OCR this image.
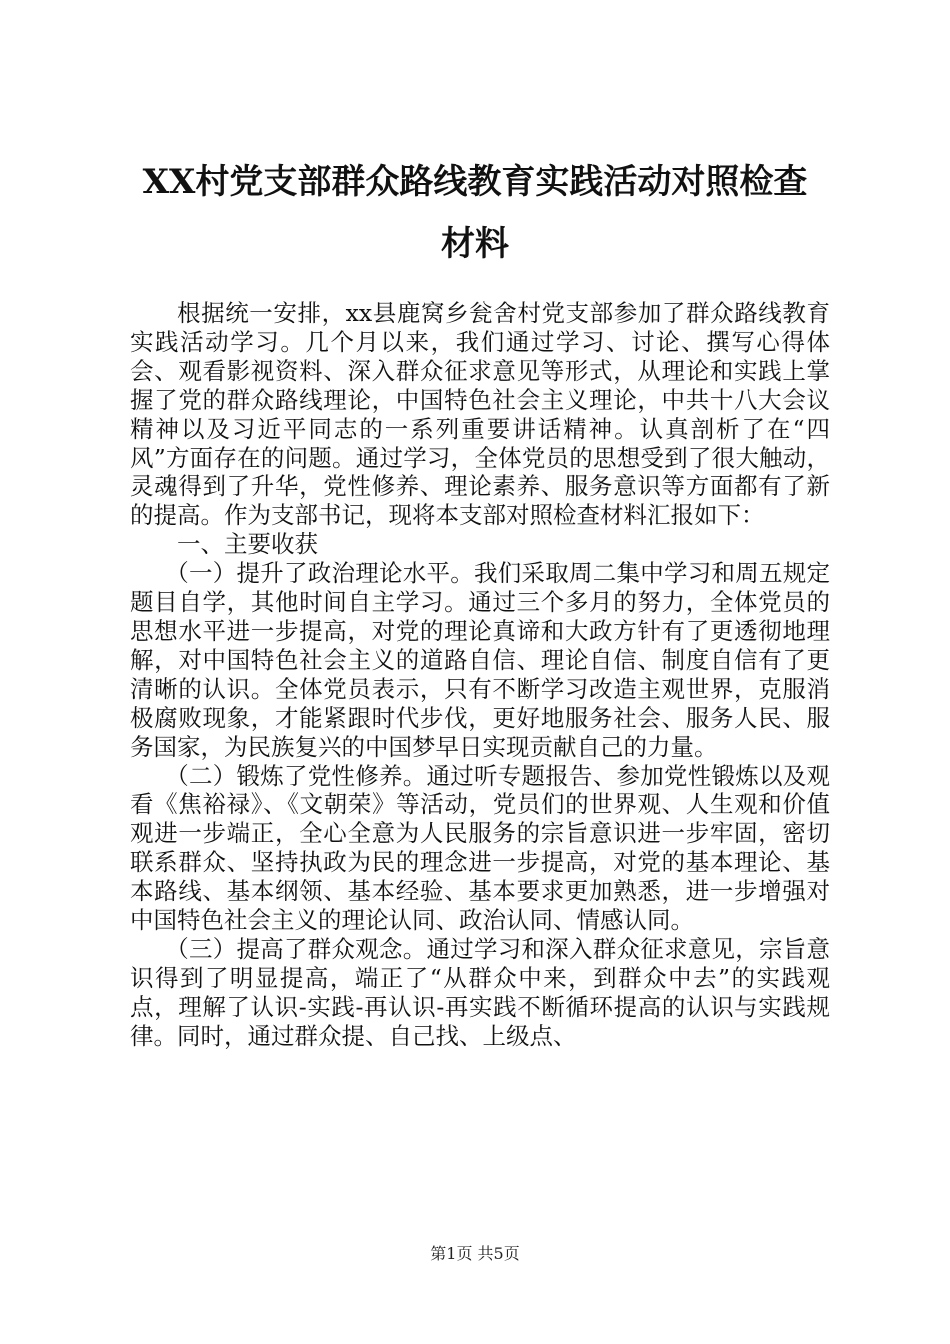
XX村党支部群众路线教育实践活动对照检查
材料

根据统一安排，xx县鹿窝乡瓮舍村党支部参加了群众路线教育实践活动学习。几个月以来，我们通过学习、讨论、撰写心得体会、观看影视资料、深入群众征求意见等形式，从理论和实践上掌握了党的群众路线理论，中国特色社会主义理论，中共十八大会议精神以及习近平同志的一系列重要讲话精神。认真剖析了在“四风”方面存在的问题。通过学习，全体党员的思想受到了很大触动，灵魂得到了升华，党性修养、理论素养、服务意识等方面都有了新的提高。作为支部书记，现将本支部对照检查材料汇报如下：

一、主要收获

（一）提升了政治理论水平。我们采取周二集中学习和周五规定题目自学，其他时间自主学习。通过三个多月的努力，全体党员的思想水平进一步提高，对党的理论真谛和大政方针有了更透彻地理解，对中国特色社会主义的道路自信、理论自信、制度自信有了更清晰的认识。全体党员表示，只有不断学习改造主观世界，克服消极腐败现象，才能紧跟时代步伐，更好地服务社会、服务人民、服务国家，为民族复兴的中国梦早日实现贡献自己的力量。

（二）锻炼了党性修养。通过听专题报告、参加党性锻炼以及观看《焦裕禄》、《文朝荣》等活动，党员们的世界观、人生观和价值观进一步端正，全心全意为人民服务的宗旨意识进一步牢固，密切联系群众、坚持执政为民的理念进一步提高，对党的基本理论、基本路线、基本纲领、基本经验、基本要求更加熟悉，进一步增强对中国特色社会主义的理论认同、政治认同、情感认同。

（三）提高了群众观念。通过学习和深入群众征求意见，宗旨意识得到了明显提高，端正了“从群众中来，到群众中去”的实践观点，理解了认识-实践-再认识-再实践不断循环提高的认识与实践规律。同时，通过群众提、自己找、上级点、

第1页 共5页
